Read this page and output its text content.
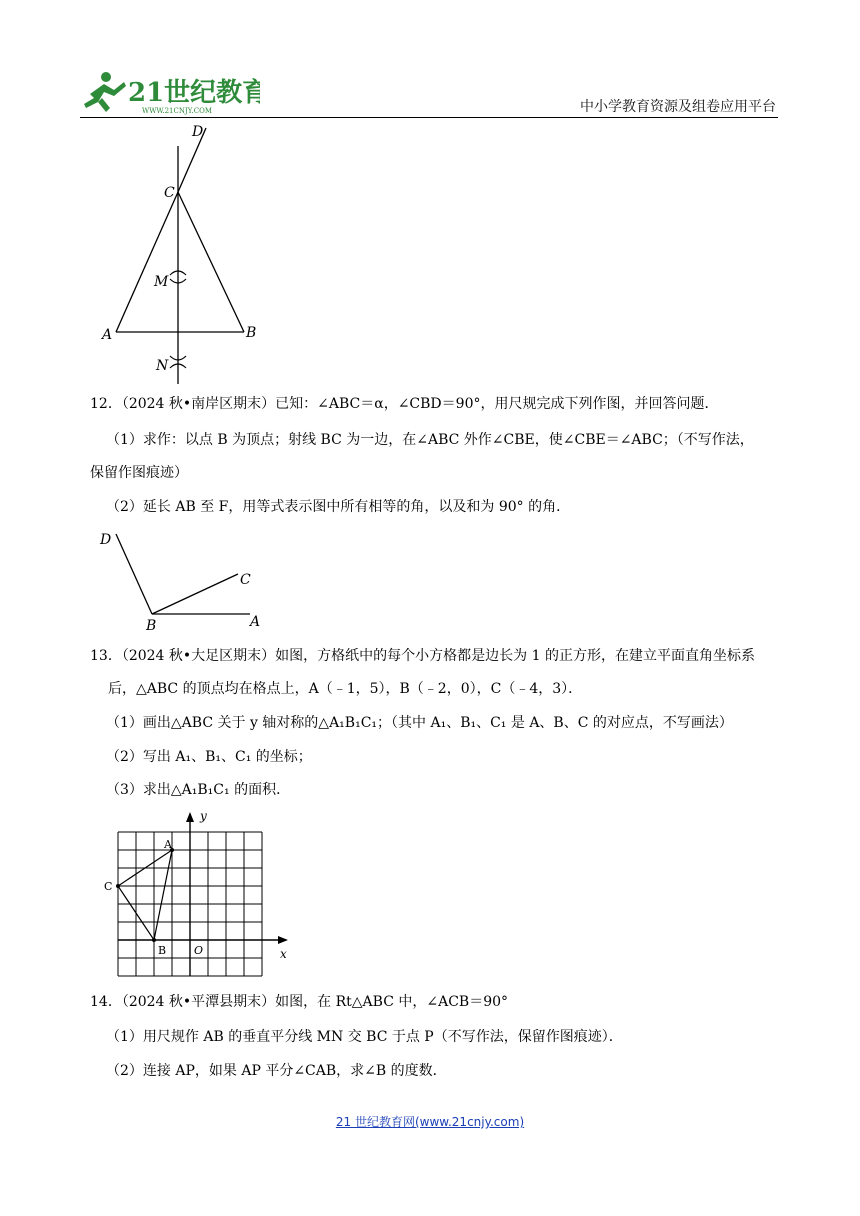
21世纪教育
WWW.21CNJY.COM	中小学教育资源及组卷应用平台
D
C
M
A	B
N
12．（2024 秋•南岸区期末）已知：∠ABC＝α，∠CBD＝90°，用尺规完成下列作图，并回答问题．
（1）求作：以点 B 为顶点；射线 BC 为一边，在∠ABC 外作∠CBE，使∠CBE＝∠ABC；（不写作法，
保留作图痕迹）
（2）延长 AB 至 F，用等式表示图中所有相等的角，以及和为 90° 的角．
D
C
B	A
13．（2024 秋•大足区期末）如图，方格纸中的每个小方格都是边长为 1 的正方形，在建立平面直角坐标系
后，△ABC 的顶点均在格点上，A（﹣1，5），B（﹣2，0），C（﹣4，3）．
（1）画出△ABC 关于 y 轴对称的△A₁B₁C₁；（其中 A₁、B₁、C₁ 是 A、B、C 的对应点，不写画法）
（2）写出 A₁、B₁、C₁ 的坐标；
（3）求出△A₁B₁C₁ 的面积．
y
x
A
B
C
O
14．（2024 秋•平潭县期末）如图，在 Rt△ABC 中，∠ACB＝90°
（1）用尺规作 AB 的垂直平分线 MN 交 BC 于点 P（不写作法，保留作图痕迹）．
（2）连接 AP，如果 AP 平分∠CAB，求∠B 的度数．
21 世纪教育网(www.21cnjy.com)
